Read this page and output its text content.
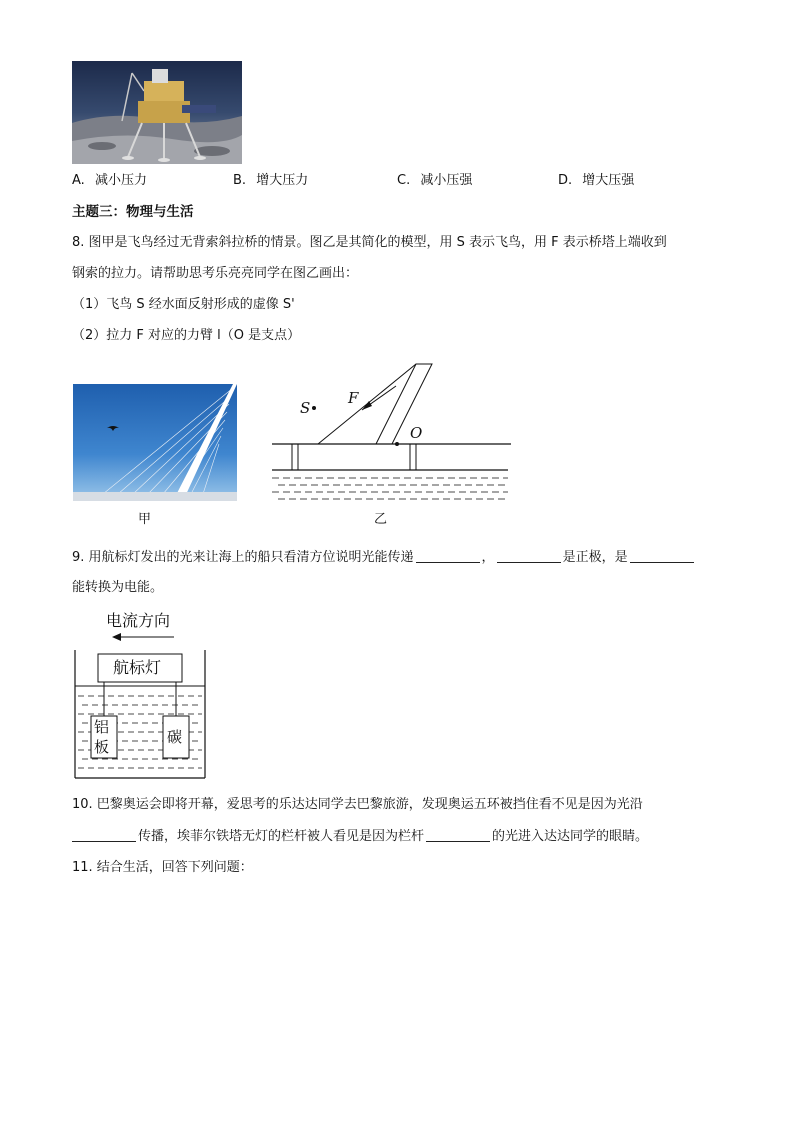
A. 减小压力	B. 增大压力	C. 减小压强	D. 增大压强
主题三：物理与生活
8. 图甲是飞鸟经过无背索斜拉桥的情景。图乙是其简化的模型，用 S 表示飞鸟，用 F 表示桥塔上端收到
钢索的拉力。请帮助思考乐亮亮同学在图乙画出：
（1）飞鸟 S 经水面反射形成的虚像 S'
（2）拉力 F 对应的力臂 l（O 是支点）
甲
S
F
O
乙
9. 用航标灯发出的光来让海上的船只看清方位说明光能传递	，	是正极，是
能转换为电能。
电流方向
航标灯
铝板
碳
10. 巴黎奥运会即将开幕，爱思考的乐达达同学去巴黎旅游，发现奥运五环被挡住看不见是因为光沿
传播，埃菲尔铁塔无灯的栏杆被人看见是因为栏杆	的光进入达达同学的眼睛。
11. 结合生活，回答下列问题：
